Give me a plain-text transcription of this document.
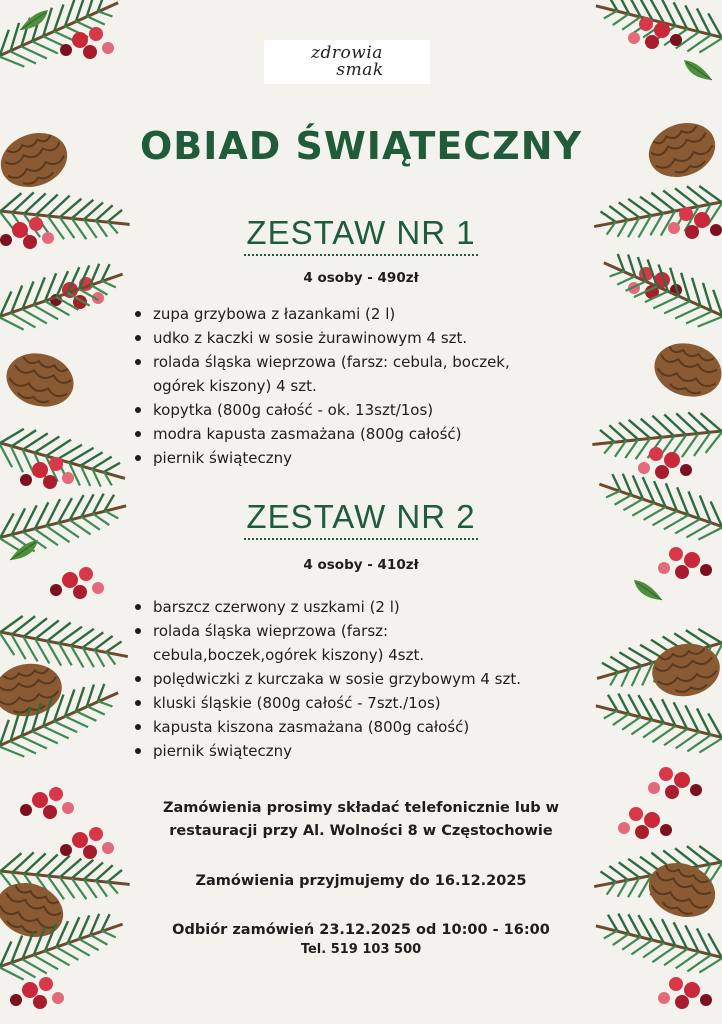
zdrowia
smak
OBIAD ŚWIĄTECZNY
ZESTAW NR 1
4 osoby - 490zł
zupa grzybowa z łazankami (2 l)
udko z kaczki w sosie żurawinowym 4 szt.
rolada śląska wieprzowa (farsz: cebula, boczek, ogórek kiszony) 4 szt.
kopytka (800g całość - ok. 13szt/1os)
modra kapusta zasmażana (800g całość)
piernik świąteczny
ZESTAW NR 2
4 osoby - 410zł
barszcz czerwony z uszkami (2 l)
rolada śląska wieprzowa (farsz: cebula,boczek,ogórek kiszony) 4szt.
polędwiczki z kurczaka w sosie grzybowym 4 szt.
kluski śląskie (800g całość - 7szt./1os)
kapusta kiszona zasmażana (800g całość)
piernik świąteczny
Zamówienia prosimy składać telefonicznie lub w
restauracji przy Al. Wolności 8 w Częstochowie
Zamówienia przyjmujemy do 16.12.2025
Odbiór zamówień 23.12.2025 od 10:00 - 16:00
Tel. 519 103 500
